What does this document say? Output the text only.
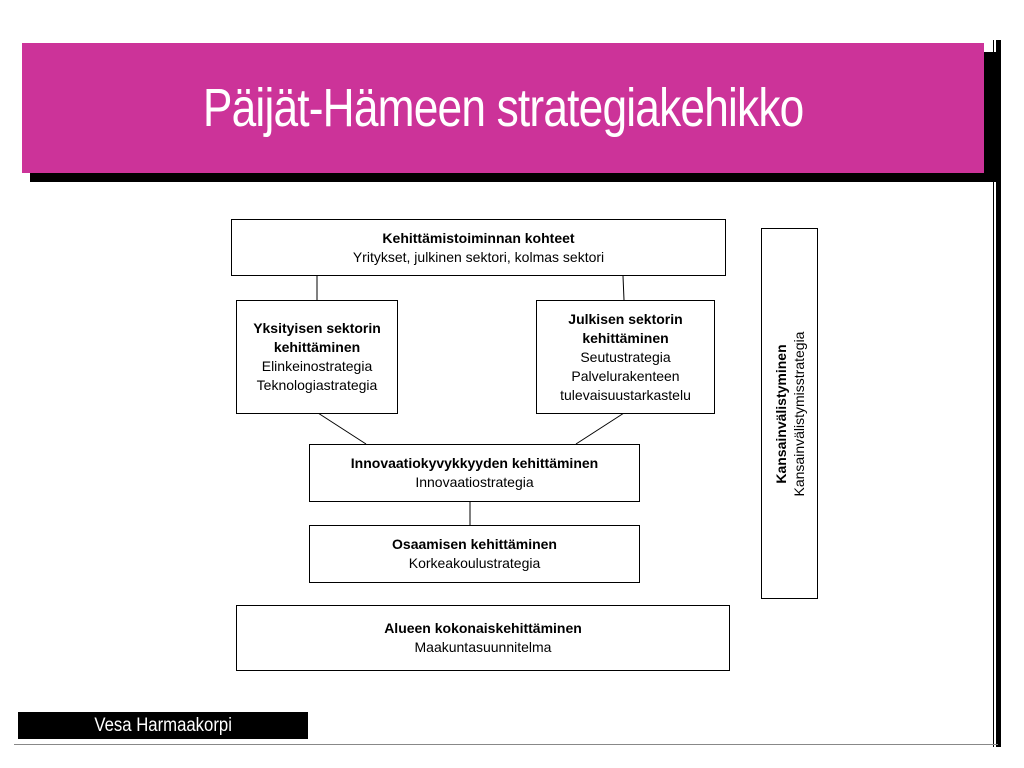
Päijät-Hämeen strategiakehikko
Kehittämistoiminnan kohteet
Yritykset, julkinen sektori, kolmas sektori
Yksityisen sektorin
kehittäminen
Elinkeinostrategia
Teknologiastrategia
Julkisen sektorin
kehittäminen
Seutustrategia
Palvelurakenteen
tulevaisuustarkastelu
Innovaatiokyvykkyyden kehittäminen
Innovaatiostrategia
Osaamisen kehittäminen
Korkeakoulustrategia
Alueen kokonaiskehittäminen
Maakuntasuunnitelma
Kansainvälistyminen Kansainvälistymisstrategia
Vesa Harmaakorpi
